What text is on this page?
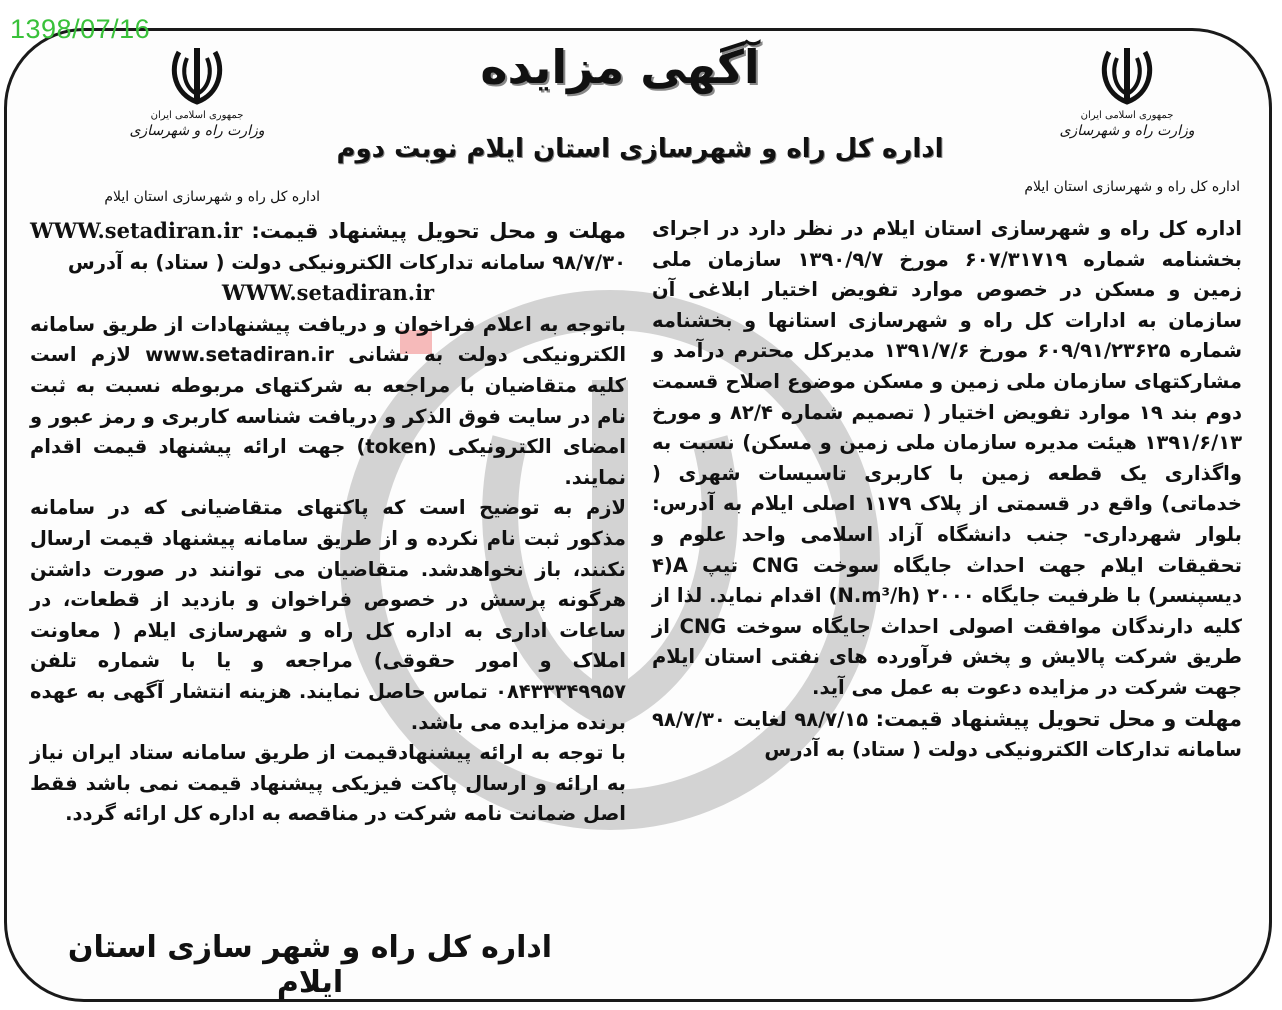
1398/07/16
جمهوری اسلامی ایران
وزارت راه و شهرسازی
جمهوری اسلامی ایران
وزارت راه و شهرسازی
اداره کل راه و شهرسازی استان ایلام
اداره کل راه و شهرسازی استان ایلام
آگهی مزایده
اداره کل راه و شهرسازی استان ایلام نوبت دوم

اداره کل راه و شهرسازی استان ایلام در نظر دارد در اجرای بخشنامه شماره ۶۰۷/۳۱۷۱۹ مورخ ۱۳۹۰/۹/۷ سازمان ملی زمین و مسکن در خصوص موارد تفویض اختیار ابلاغی آن سازمان به ادارات کل راه و شهرسازی استانها و بخشنامه شماره ۶۰۹/۹۱/۲۳۶۲۵ مورخ ۱۳۹۱/۷/۶ مدیرکل محترم درآمد و مشارکتهای سازمان ملی زمین و مسکن موضوع اصلاح قسمت دوم بند ۱۹ موارد تفویض اختیار ( تصمیم شماره ۸۲/۴ و مورخ ۱۳۹۱/۶/۱۳ هیئت مدیره سازمان ملی زمین و مسکن) نسبت به واگذاری یک قطعه زمین با کاربری تاسیسات شهری ( خدماتی) واقع در قسمتی از پلاک ۱۱۷۹ اصلی ایلام به آدرس: بلوار شهرداری- جنب دانشگاه آزاد اسلامی واحد علوم و تحقیقات ایلام جهت احداث جایگاه سوخت CNG تیپ A(۴ دیسپنسر) با ظرفیت جایگاه ۲۰۰۰ (N.m³/h) اقدام نماید. لذا از کلیه دارندگان موافقت اصولی احداث جایگاه سوخت CNG از طریق شرکت پالایش و پخش فرآورده های نفتی استان ایلام جهت شرکت در مزایده دعوت به عمل می آید.

مهلت و محل تحویل پیشنهاد قیمت: ۹۸/۷/۱۵ لغایت ۹۸/۷/۳۰ سامانه تدارکات الکترونیکی دولت ( ستاد) به آدرس

مهلت و محل تحویل پیشنهاد قیمت: WWW.setadiran.ir ۹۸/۷/۳۰ سامانه تدارکات الکترونیکی دولت ( ستاد) به آدرس

WWW.setadiran.ir

باتوجه به اعلام فراخوان و دریافت پیشنهادات از طریق سامانه الکترونیکی دولت به نشانی www.setadiran.ir لازم است کلیه متقاضیان با مراجعه به شرکتهای مربوطه نسبت به ثبت نام در سایت فوق الذکر و دریافت شناسه کاربری و رمز عبور و امضای الکترونیکی (token) جهت ارائه پیشنهاد قیمت اقدام نمایند.

لازم به توضیح است که پاکتهای متقاضیانی که در سامانه مذکور ثبت نام نکرده و از طریق سامانه پیشنهاد قیمت ارسال نکنند، باز نخواهدشد. متقاضیان می توانند در صورت داشتن هرگونه پرسش در خصوص فراخوان و بازدید از قطعات، در ساعات اداری به اداره کل راه و شهرسازی ایلام ( معاونت املاک و امور حقوقی) مراجعه و یا با شماره تلفن ۰۸۴۳۳۳۴۹۹۵۷ تماس حاصل نمایند. هزینه انتشار آگهی به عهده برنده مزایده می باشد.

با توجه به ارائه پیشنهادقیمت از طریق سامانه ستاد ایران نیاز به ارائه و ارسال پاکت فیزیکی پیشنهاد قیمت نمی باشد فقط اصل ضمانت نامه شرکت در مناقصه به اداره کل ارائه گردد.

اداره کل راه و شهر سازی استان ایلام
